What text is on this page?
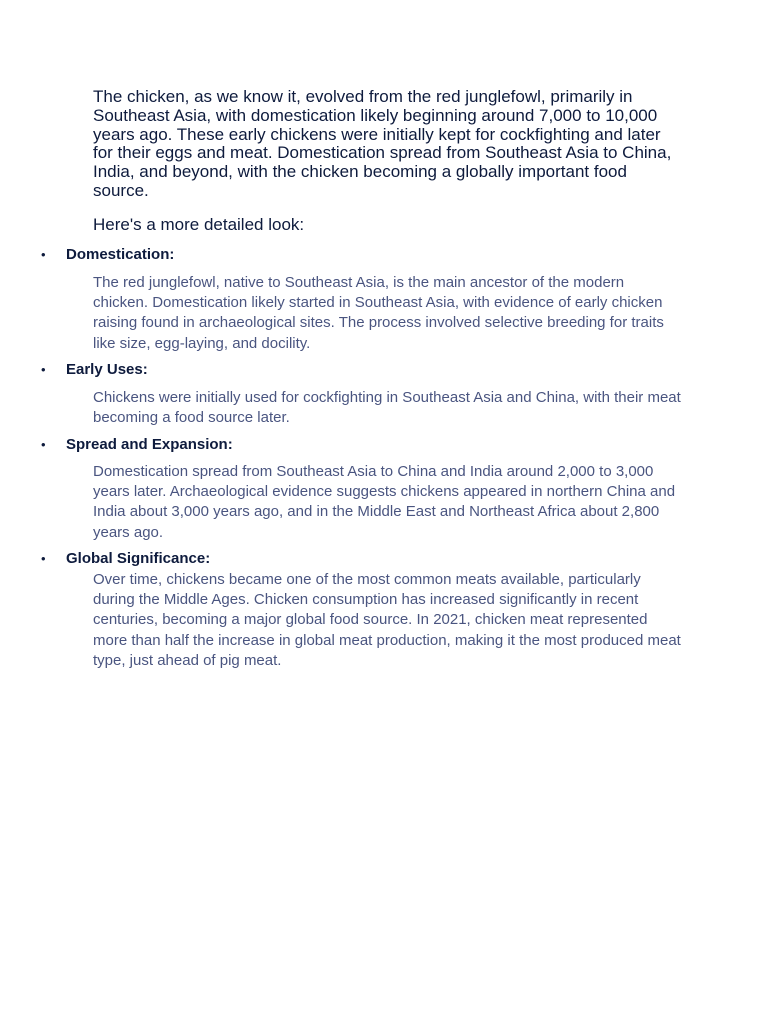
The chicken, as we know it, evolved from the red junglefowl, primarily in Southeast Asia, with domestication likely beginning around 7,000 to 10,000 years ago. These early chickens were initially kept for cockfighting and later for their eggs and meat. Domestication spread from Southeast Asia to China, India, and beyond, with the chicken becoming a globally important food source.

Here's a more detailed look:

• Domestication:

The red junglefowl, native to Southeast Asia, is the main ancestor of the modern chicken. Domestication likely started in Southeast Asia, with evidence of early chicken raising found in archaeological sites. The process involved selective breeding for traits like size, egg-laying, and docility.

• Early Uses:

Chickens were initially used for cockfighting in Southeast Asia and China, with their meat becoming a food source later.

• Spread and Expansion:

Domestication spread from Southeast Asia to China and India around 2,000 to 3,000 years later. Archaeological evidence suggests chickens appeared in northern China and India about 3,000 years ago, and in the Middle East and Northeast Africa about 2,800 years ago.

• Global Significance:

Over time, chickens became one of the most common meats available, particularly during the Middle Ages. Chicken consumption has increased significantly in recent centuries, becoming a major global food source. In 2021, chicken meat represented more than half the increase in global meat production, making it the most produced meat type, just ahead of pig meat.
